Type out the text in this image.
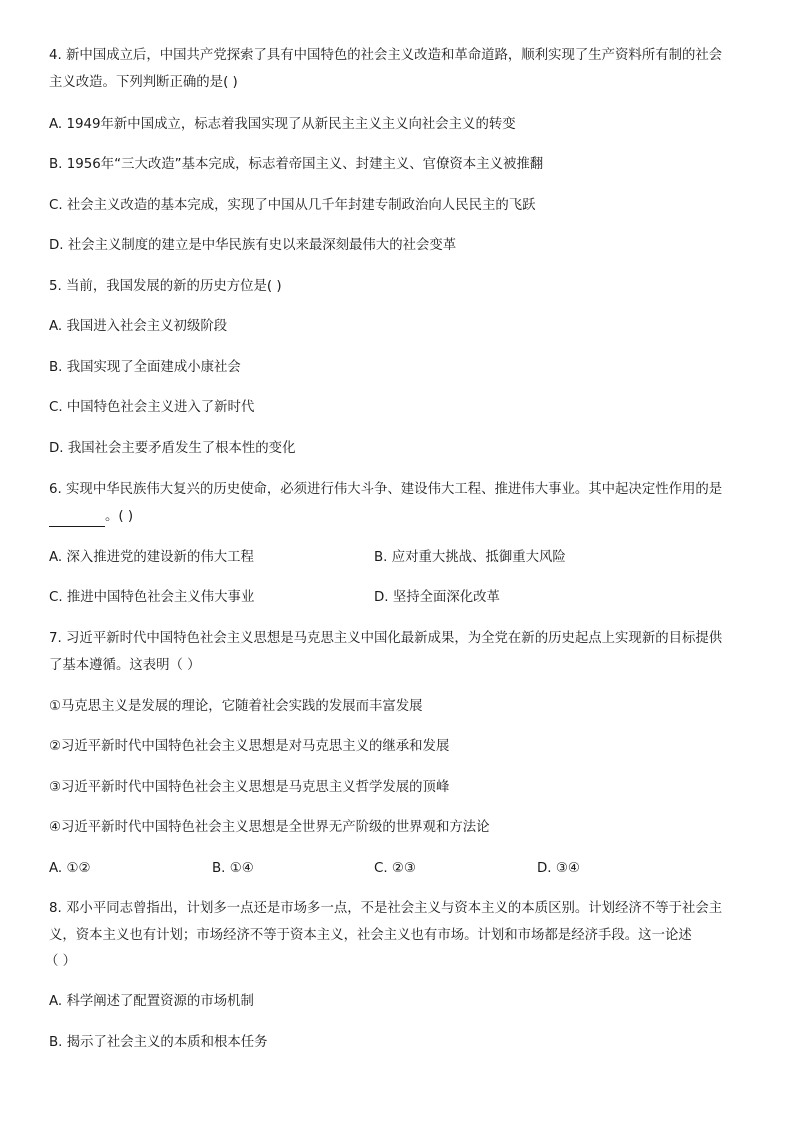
4. 新中国成立后，中国共产党探索了具有中国特色的社会主义改造和革命道路，顺利实现了生产资料所有制的社会
主义改造。下列判断正确的是( )
A. 1949年新中国成立，标志着我国实现了从新民主主义主义向社会主义的转变
B. 1956年“三大改造”基本完成，标志着帝国主义、封建主义、官僚资本主义被推翻
C. 社会主义改造的基本完成，实现了中国从几千年封建专制政治向人民民主的飞跃
D. 社会主义制度的建立是中华民族有史以来最深刻最伟大的社会变革
5. 当前，我国发展的新的历史方位是( )
A. 我国进入社会主义初级阶段
B. 我国实现了全面建成小康社会
C. 中国特色社会主义进入了新时代
D. 我国社会主要矛盾发生了根本性的变化
6. 实现中华民族伟大复兴的历史使命，必须进行伟大斗争、建设伟大工程、推进伟大事业。其中起决定性作用的是
。( )
A. 深入推进党的建设新的伟大工程	B. 应对重大挑战、抵御重大风险
C. 推进中国特色社会主义伟大事业	D. 坚持全面深化改革
7. 习近平新时代中国特色社会主义思想是马克思主义中国化最新成果，为全党在新的历史起点上实现新的目标提供
了基本遵循。这表明（ ）
①马克思主义是发展的理论，它随着社会实践的发展而丰富发展
②习近平新时代中国特色社会主义思想是对马克思主义的继承和发展
③习近平新时代中国特色社会主义思想是马克思主义哲学发展的顶峰
④习近平新时代中国特色社会主义思想是全世界无产阶级的世界观和方法论
A. ①②	B. ①④	C. ②③	D. ③④
8. 邓小平同志曾指出，计划多一点还是市场多一点，不是社会主义与资本主义的本质区别。计划经济不等于社会主
义，资本主义也有计划；市场经济不等于资本主义，社会主义也有市场。计划和市场都是经济手段。这一论述
（ ）
A. 科学阐述了配置资源的市场机制
B. 揭示了社会主义的本质和根本任务
